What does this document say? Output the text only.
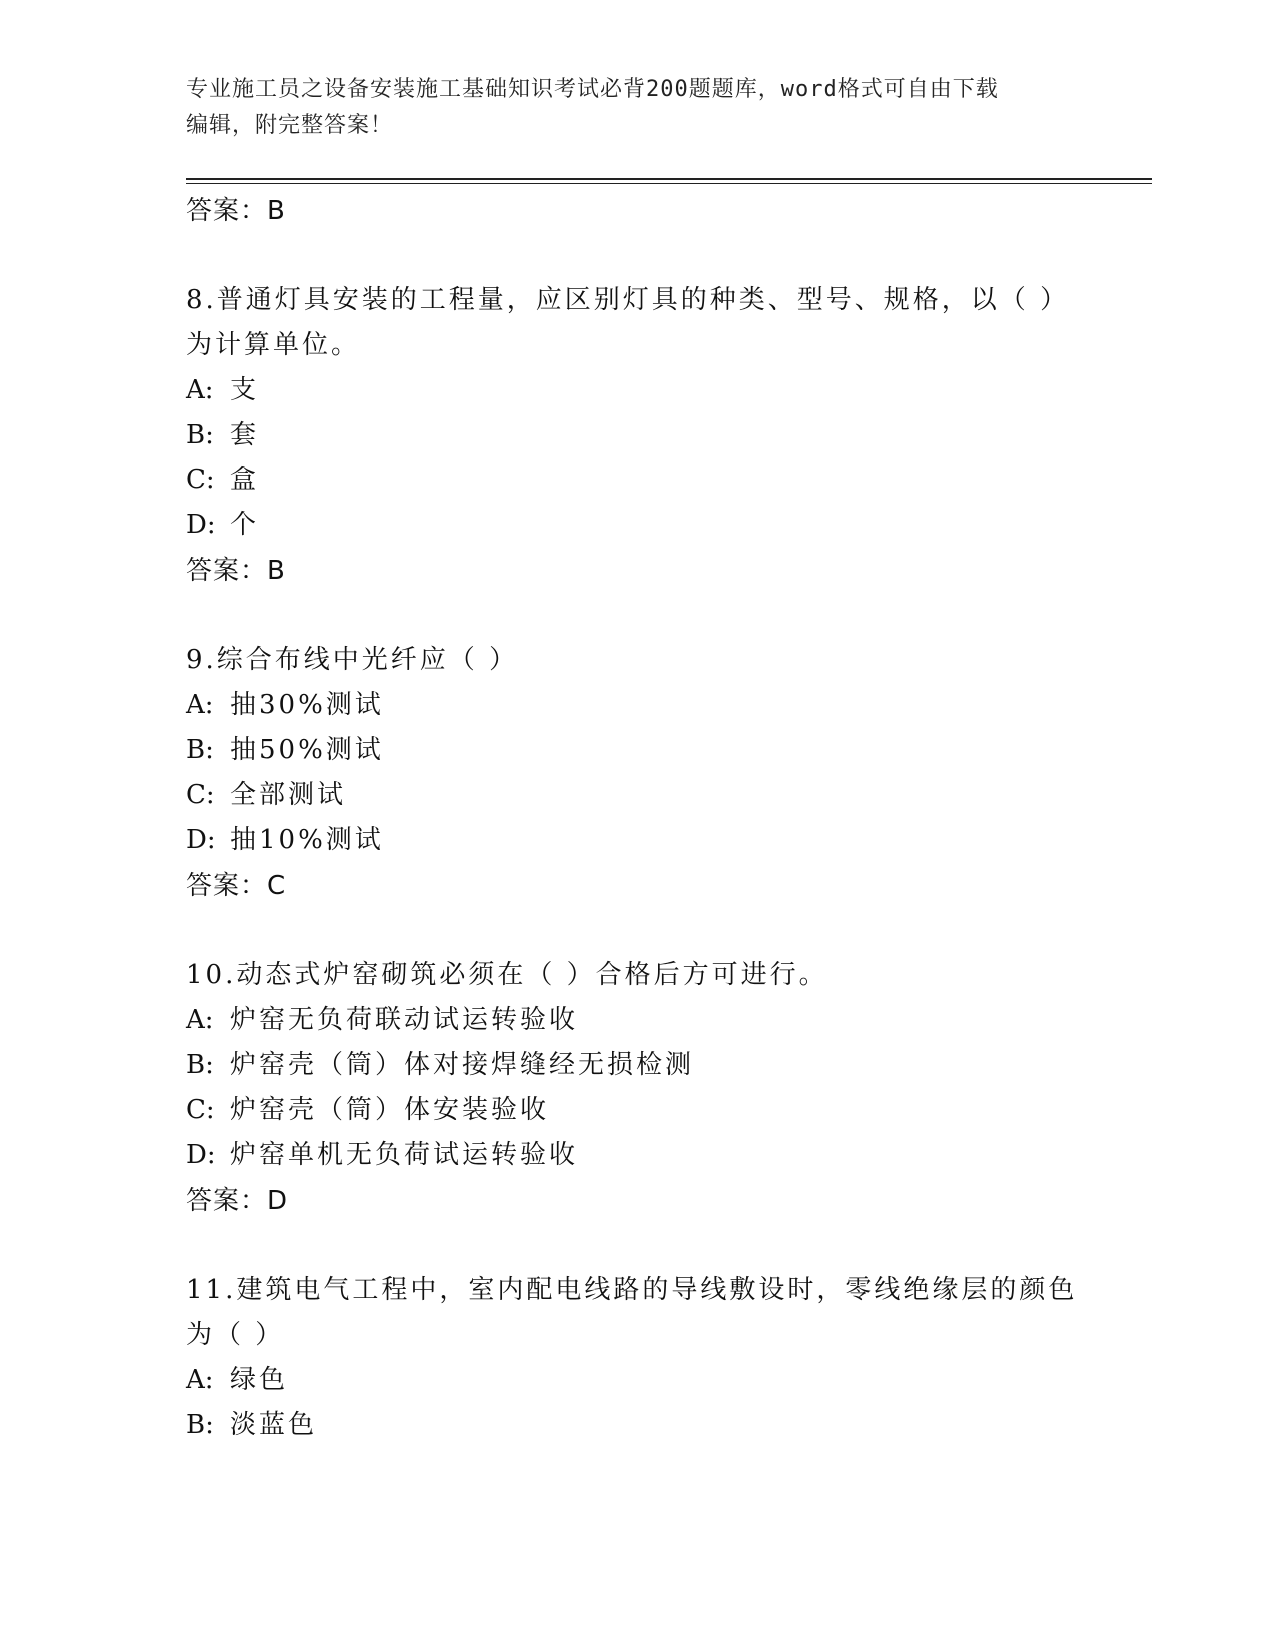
专业施工员之设备安装施工基础知识考试必背200题题库，word格式可自由下载
编辑，附完整答案！
答案：B
8.普通灯具安装的工程量，应区别灯具的种类、型号、规格，以（ ）
为计算单位。
A: 支
B: 套
C: 盒
D: 个
答案：B
9.综合布线中光纤应（ ）
A: 抽30%测试
B: 抽50%测试
C: 全部测试
D: 抽10%测试
答案：C
10.动态式炉窑砌筑必须在（ ）合格后方可进行。
A: 炉窑无负荷联动试运转验收
B: 炉窑壳（筒）体对接焊缝经无损检测
C: 炉窑壳（筒）体安装验收
D: 炉窑单机无负荷试运转验收
答案：D
11.建筑电气工程中，室内配电线路的导线敷设时，零线绝缘层的颜色
为（ ）
A: 绿色
B: 淡蓝色
